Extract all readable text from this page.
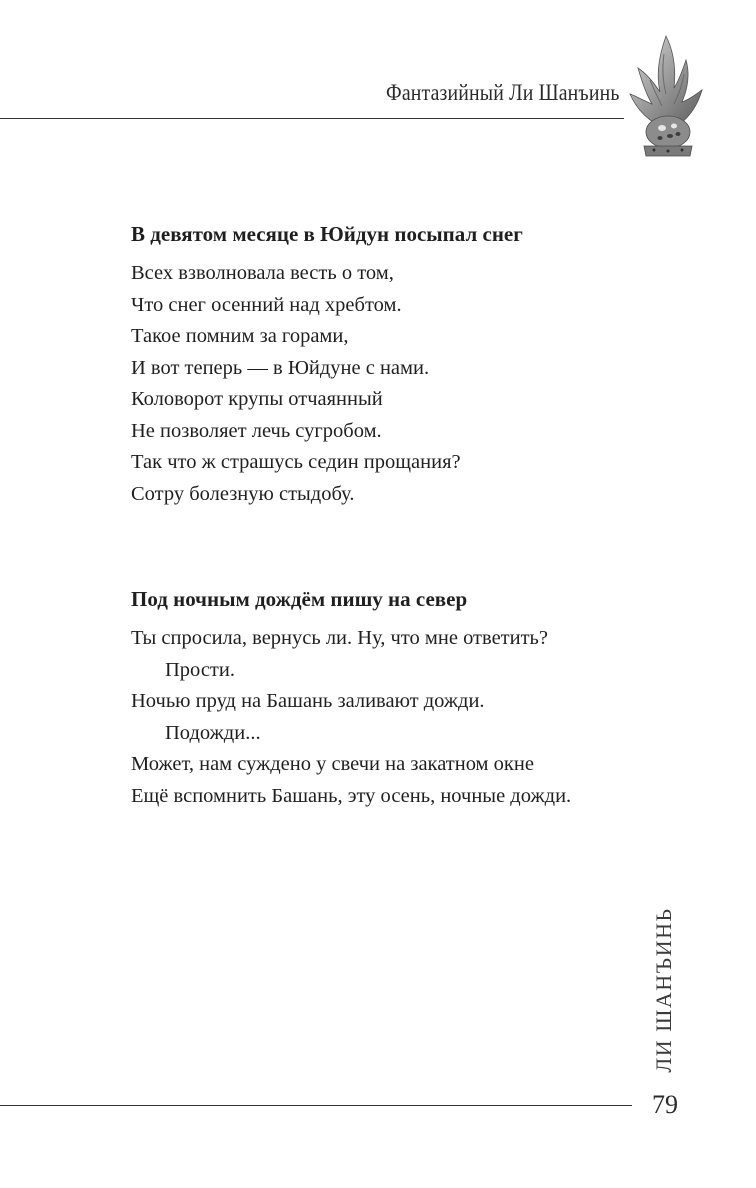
Фантазийный Ли Шанъинь
В девятом месяце в Юйдун посыпал снег
Всех взволновала весть о том,
Что снег осенний над хребтом.
Такое помним за горами,
И вот теперь — в Юйдуне с нами.
Коловорот крупы отчаянный
Не позволяет лечь сугробом.
Так что ж страшусь седин прощания?
Сотру болезную стыдобу.
Под ночным дождём пишу на север
Ты спросила, вернусь ли. Ну, что мне ответить?
Прости.
Ночью пруд на Башань заливают дожди.
Подожди...
Может, нам суждено у свечи на закатном окне
Ещё вспомнить Башань, эту осень, ночные дожди.
ЛИ ШАНЪИНЬ
79
